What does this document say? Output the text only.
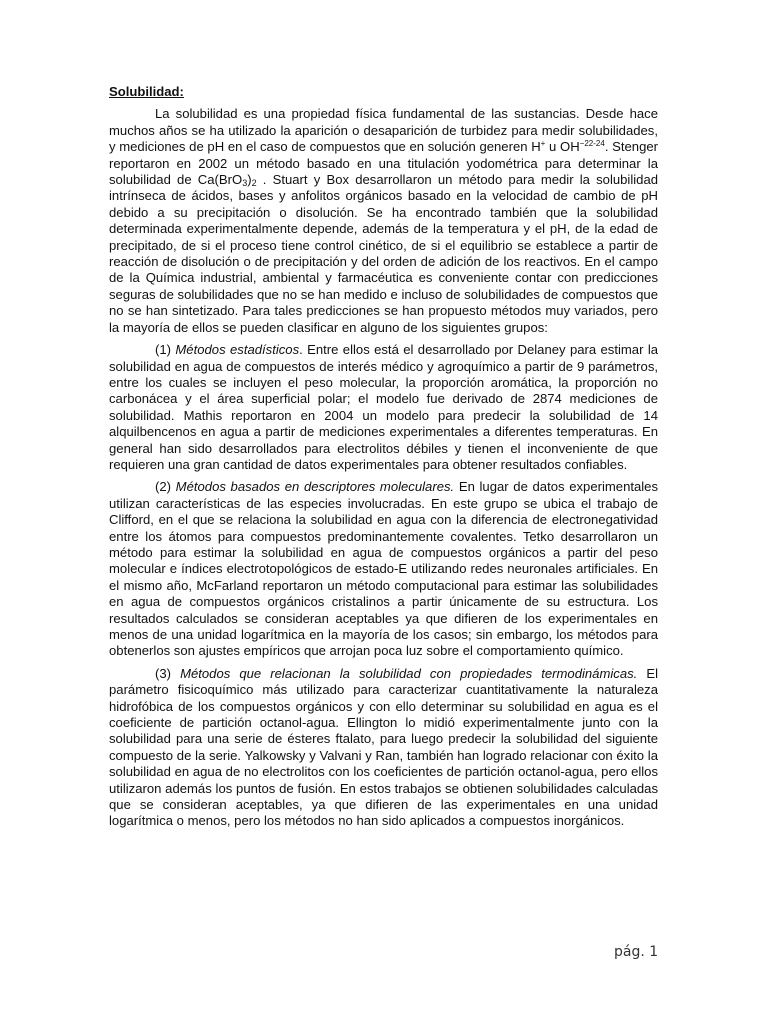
Solubilidad:

La solubilidad es una propiedad física fundamental de las sustancias. Desde hace muchos años se ha utilizado la aparición o desaparición de turbidez para medir solubilidades, y mediciones de pH en el caso de compuestos que en solución generen H+ u $OH^{-22-24}$. Stenger reportaron en 2002 un método basado en una titulación yodométrica para determinar la solubilidad de $Ca(BrO_3)_2$ . Stuart y Box desarrollaron un método para medir la solubilidad intrínseca de ácidos, bases y anfolitos orgánicos basado en la velocidad de cambio de pH debido a su precipitación o disolución. Se ha encontrado también que la solubilidad determinada experimentalmente depende, además de la temperatura y el pH, de la edad de precipitado, de si el proceso tiene control cinético, de si el equilibrio se establece a partir de reacción de disolución o de precipitación y del orden de adición de los reactivos. En el campo de la Química industrial, ambiental y farmacéutica es conveniente contar con predicciones seguras de solubilidades que no se han medido e incluso de solubilidades de compuestos que no se han sintetizado. Para tales predicciones se han propuesto métodos muy variados, pero la mayoría de ellos se pueden clasificar en alguno de los siguientes grupos:

(1) Métodos estadísticos. Entre ellos está el desarrollado por Delaney para estimar la solubilidad en agua de compuestos de interés médico y agroquímico a partir de 9 parámetros, entre los cuales se incluyen el peso molecular, la proporción aromática, la proporción no carbonácea y el área superficial polar; el modelo fue derivado de 2874 mediciones de solubilidad. Mathis reportaron en 2004 un modelo para predecir la solubilidad de 14 alquilbencenos en agua a partir de mediciones experimentales a diferentes temperaturas. En general han sido desarrollados para electrolitos débiles y tienen el inconveniente de que requieren una gran cantidad de datos experimentales para obtener resultados confiables.

(2) Métodos basados en descriptores moleculares. En lugar de datos experimentales utilizan características de las especies involucradas. En este grupo se ubica el trabajo de Clifford, en el que se relaciona la solubilidad en agua con la diferencia de electronegatividad entre los átomos para compuestos predominantemente covalentes. Tetko desarrollaron un método para estimar la solubilidad en agua de compuestos orgánicos a partir del peso molecular e índices electrotopológicos de estado-E utilizando redes neuronales artificiales. En el mismo año, McFarland reportaron un método computacional para estimar las solubilidades en agua de compuestos orgánicos cristalinos a partir únicamente de su estructura. Los resultados calculados se consideran aceptables ya que difieren de los experimentales en menos de una unidad logarítmica en la mayoría de los casos; sin embargo, los métodos para obtenerlos son ajustes empíricos que arrojan poca luz sobre el comportamiento químico.

(3) Métodos que relacionan la solubilidad con propiedades termodinámicas. El parámetro fisicoquímico más utilizado para caracterizar cuantitativamente la naturaleza hidrofóbica de los compuestos orgánicos y con ello determinar su solubilidad en agua es el coeficiente de partición octanol-agua. Ellington lo midió experimentalmente junto con la solubilidad para una serie de ésteres ftalato, para luego predecir la solubilidad del siguiente compuesto de la serie. Yalkowsky y Valvani y Ran, también han logrado relacionar con éxito la solubilidad en agua de no electrolitos con los coeficientes de partición octanol-agua, pero ellos utilizaron además los puntos de fusión. En estos trabajos se obtienen solubilidades calculadas que se consideran aceptables, ya que difieren de las experimentales en una unidad logarítmica o menos, pero los métodos no han sido aplicados a compuestos inorgánicos.

pág. 1
